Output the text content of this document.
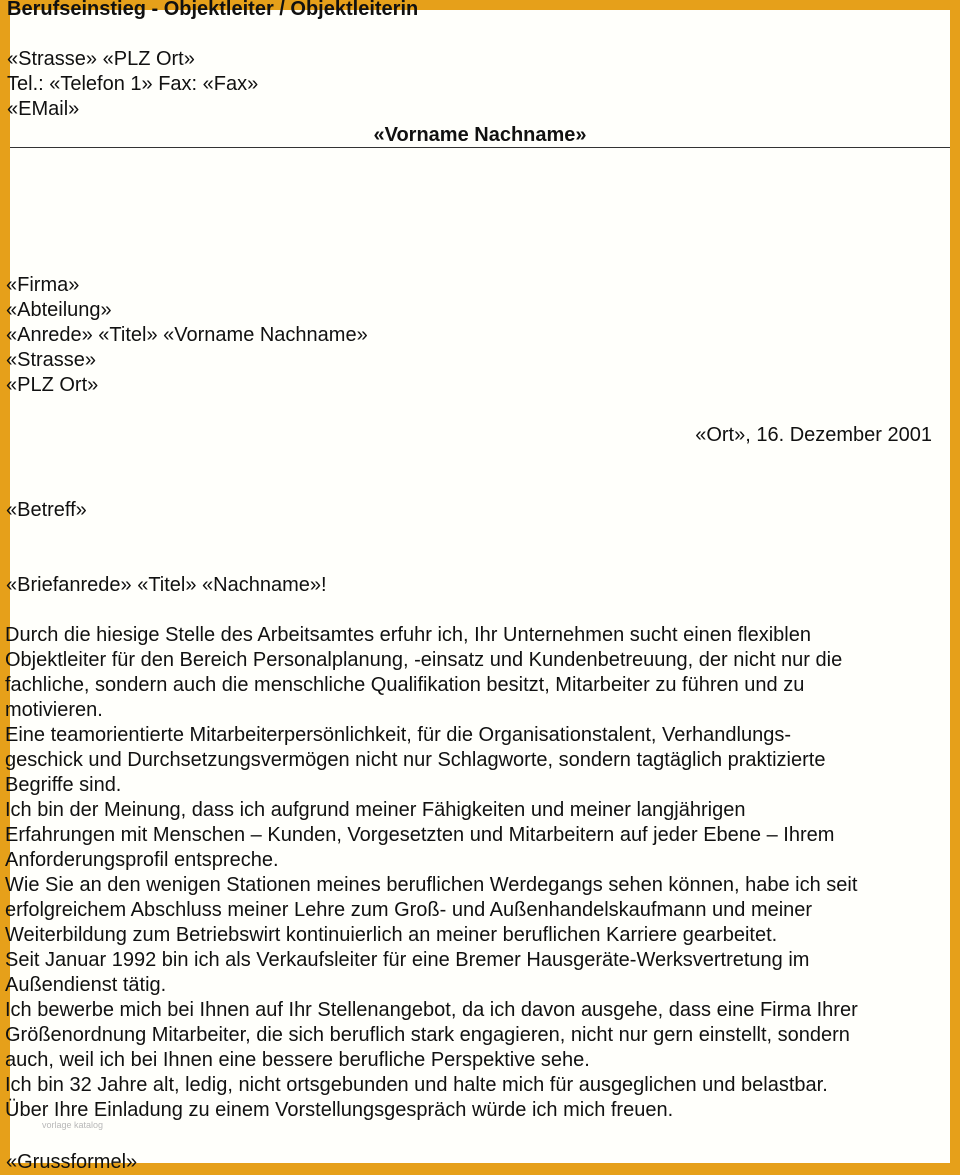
Berufseinstieg - Objektleiter / Objektleiterin
«Strasse» «PLZ Ort»
Tel.: «Telefon 1» Fax: «Fax»
«EMail»
«Vorname Nachname»
«Firma»
«Abteilung»
«Anrede» «Titel» «Vorname Nachname»
«Strasse»
«PLZ Ort»
«Ort», 16. Dezember 2001
«Betreff»
«Briefanrede» «Titel» «Nachname»!
Durch die hiesige Stelle des Arbeitsamtes erfuhr ich, Ihr Unternehmen sucht einen flexiblen
Objektleiter für den Bereich Personalplanung, -einsatz und Kundenbetreuung, der nicht nur die
fachliche, sondern auch die menschliche Qualifikation besitzt, Mitarbeiter zu führen und zu
motivieren.
Eine teamorientierte Mitarbeiterpersönlichkeit, für die Organisationstalent, Verhandlungs-
geschick und Durchsetzungsvermögen nicht nur Schlagworte, sondern tagtäglich praktizierte
Begriffe sind.
Ich bin der Meinung, dass ich aufgrund meiner Fähigkeiten und meiner langjährigen
Erfahrungen mit Menschen – Kunden, Vorgesetzten und Mitarbeitern auf jeder Ebene – Ihrem
Anforderungsprofil entspreche.
Wie Sie an den wenigen Stationen meines beruflichen Werdegangs sehen können, habe ich seit
erfolgreichem Abschluss meiner Lehre zum Groß- und Außenhandelskaufmann und meiner
Weiterbildung zum Betriebswirt kontinuierlich an meiner beruflichen Karriere gearbeitet.
Seit Januar 1992 bin ich als Verkaufsleiter für eine Bremer Hausgeräte-Werksvertretung im
Außendienst tätig.
Ich bewerbe mich bei Ihnen auf Ihr Stellenangebot, da ich davon ausgehe, dass eine Firma Ihrer
Größenordnung Mitarbeiter, die sich beruflich stark engagieren, nicht nur gern einstellt, sondern
auch, weil ich bei Ihnen eine bessere berufliche Perspektive sehe.
Ich bin 32 Jahre alt, ledig, nicht ortsgebunden und halte mich für ausgeglichen und belastbar.
Über Ihre Einladung zu einem Vorstellungsgespräch würde ich mich freuen.
vorlage katalog
«Grussformel»
